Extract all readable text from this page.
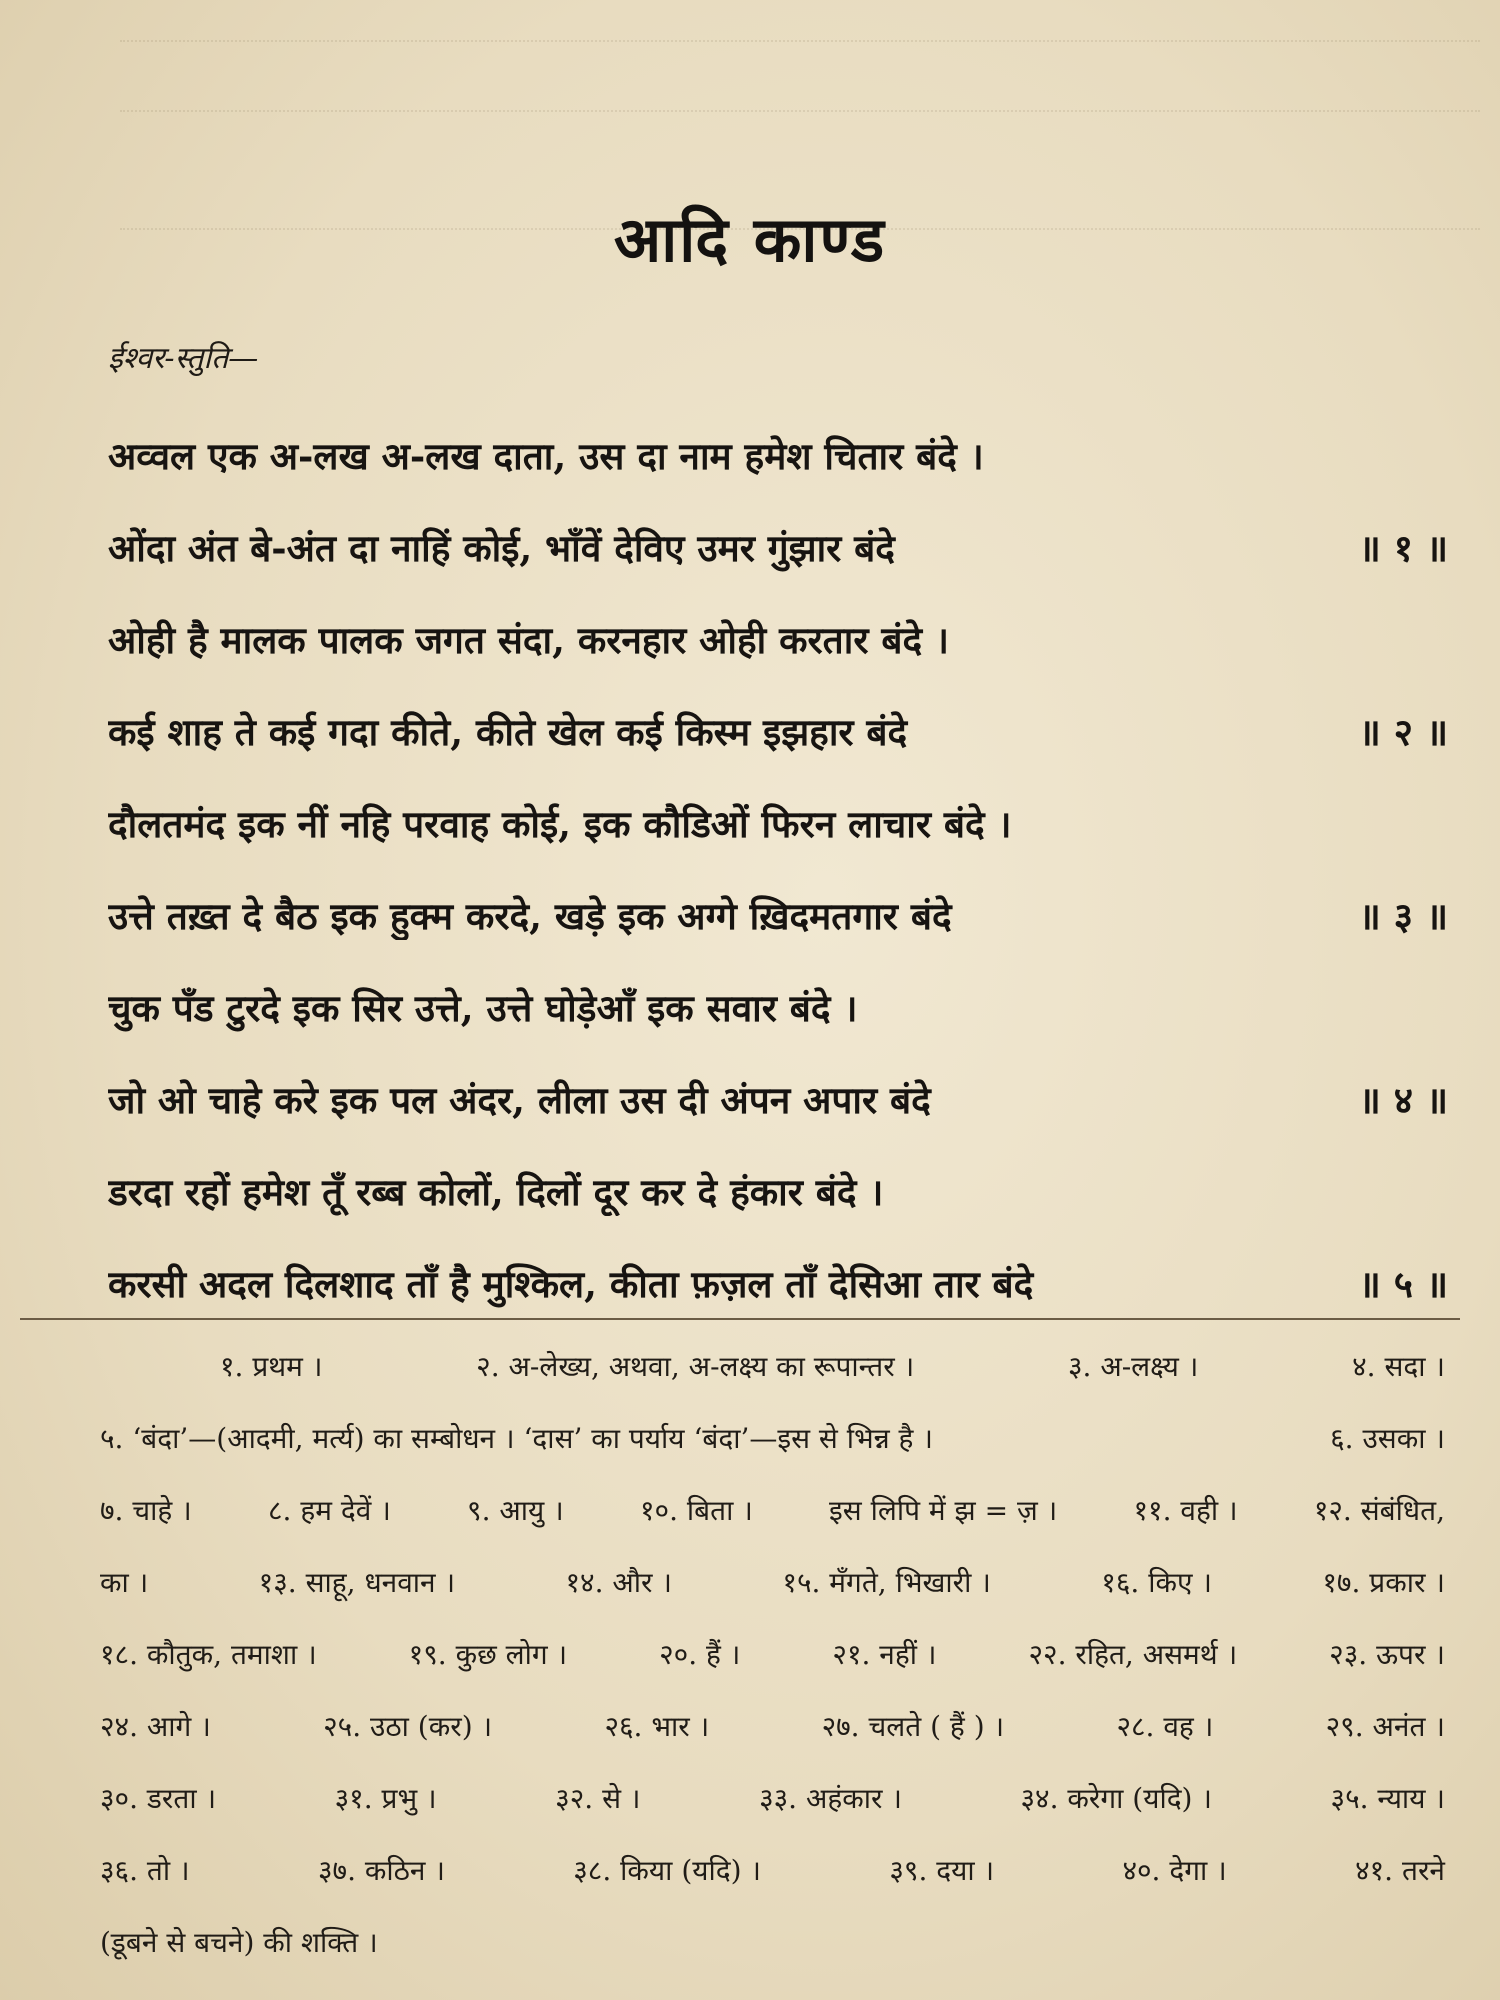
आदि काण्ड
ईश्वर-स्तुति—
अव्वल एक अ-लख अ-लख दाता, उस दा नाम हमेश चितार बंदे ।
ओंदा अंत बे-अंत दा नाहिं कोई, भाँवें देविए उमर गुंझार बंदे	॥ १ ॥
ओही है मालक पालक जगत संदा, करनहार ओही करतार बंदे ।
कई शाह ते कई गदा कीते, कीते खेल कई किस्म इझहार बंदे	॥ २ ॥
दौलतमंद इक नीं नहि परवाह कोई, इक कौडिओं फिरन लाचार बंदे ।
उत्ते तख़्त दे बैठ इक हुक्म करदे, खड़े इक अग्गे ख़िदमतगार बंदे	॥ ३ ॥
चुक पँड टुरदे इक सिर उत्ते, उत्ते घोड़ेआँ इक सवार बंदे ।
जो ओ चाहे करे इक पल अंदर, लीला उस दी अंपन अपार बंदे	॥ ४ ॥
डरदा रहों हमेश तूँ रब्ब कोलों, दिलों दूर कर दे हंकार बंदे ।
करसी अदल दिलशाद ताँ है मुश्किल, कीता फ़ज़ल ताँ देसिआ तार बंदे	॥ ५ ॥
१. प्रथम ।	२. अ-लेख्य, अथवा, अ-लक्ष्य का रूपान्तर ।	३. अ-लक्ष्य ।	४. सदा ।
५. ‘बंदा’—(आदमी, मर्त्य) का सम्बोधन । ‘दास’ का पर्याय ‘बंदा’—इस से भिन्न है ।	६. उसका ।
७. चाहे ।	८. हम देवें ।	९. आयु ।	१०. बिता ।	इस लिपि में झ = ज़ ।	११. वही ।	१२. संबंधित,
का ।	१३. साहू, धनवान ।	१४. और ।	१५. मँगते, भिखारी ।	१६. किए ।	१७. प्रकार ।
१८. कौतुक, तमाशा ।	१९. कुछ लोग ।	२०. हैं ।	२१. नहीं ।	२२. रहित, असमर्थ ।	२३. ऊपर ।
२४. आगे ।	२५. उठा (कर) ।	२६. भार ।	२७. चलते ( हैं ) ।	२८. वह ।	२९. अनंत ।
३०. डरता ।	३१. प्रभु ।	३२. से ।	३३. अहंकार ।	३४. करेगा (यदि) ।	३५. न्याय ।
३६. तो ।	३७. कठिन ।	३८. किया (यदि) ।	३९. दया ।	४०. देगा ।	४१. तरने
(डूबने से बचने) की शक्ति ।
